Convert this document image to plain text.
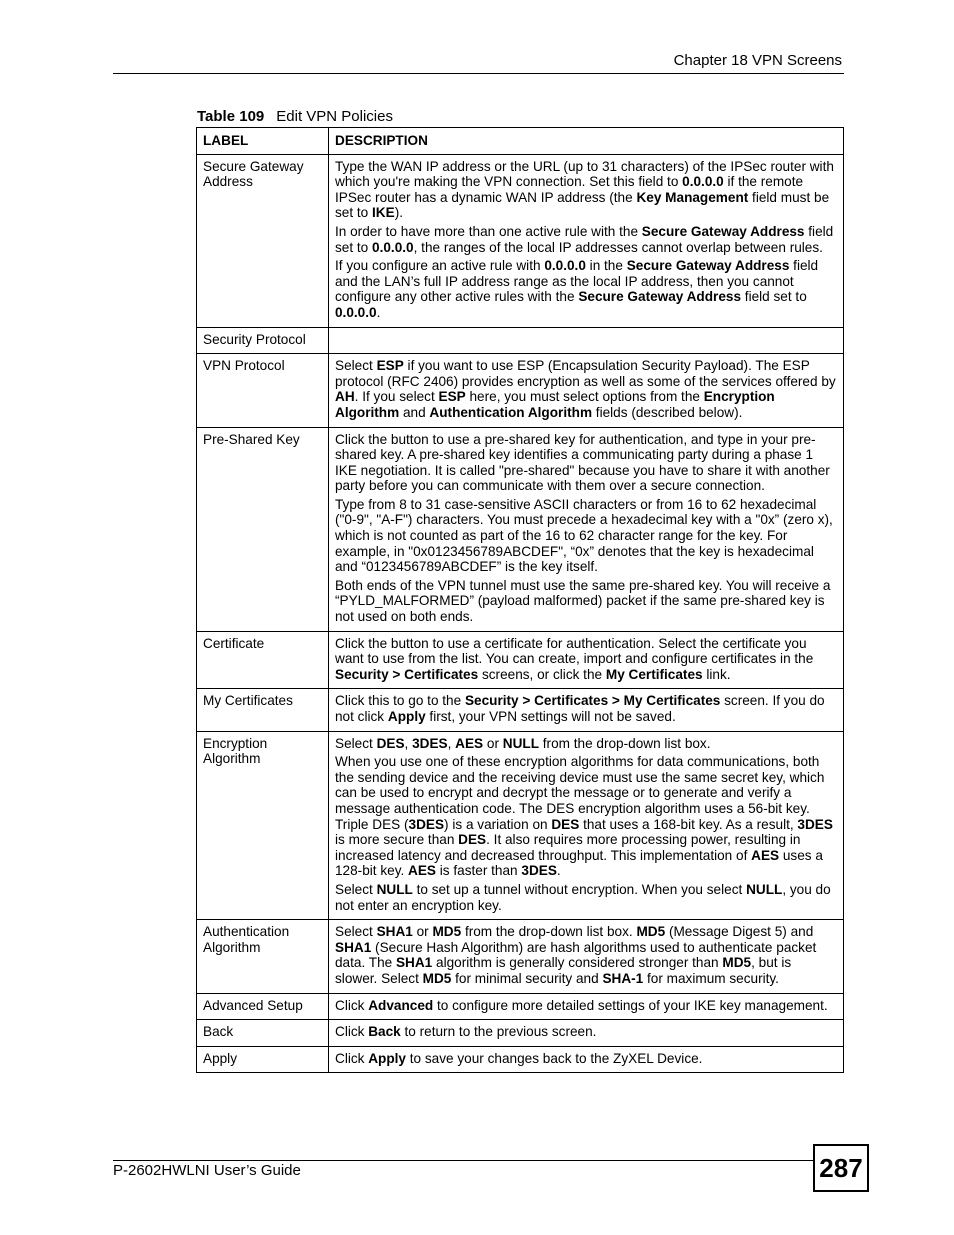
Chapter 18 VPN Screens
Table 109 Edit VPN Policies
LABEL	DESCRIPTION
Secure Gateway Address	Type the WAN IP address or the URL (up to 31 characters) of the IPSec router with which you're making the VPN connection. Set this field to 0.0.0.0 if the remote IPSec router has a dynamic WAN IP address (the Key Management field must be set to IKE).

In order to have more than one active rule with the Secure Gateway Address field set to 0.0.0.0, the ranges of the local IP addresses cannot overlap between rules.

If you configure an active rule with 0.0.0.0 in the Secure Gateway Address field and the LAN’s full IP address range as the local IP address, then you cannot configure any other active rules with the Secure Gateway Address field set to 0.0.0.0.

Security Protocol	
VPN Protocol	Select ESP if you want to use ESP (Encapsulation Security Payload). The ESP protocol (RFC 2406) provides encryption as well as some of the services offered by AH. If you select ESP here, you must select options from the Encryption Algorithm and Authentication Algorithm fields (described below).

Pre-Shared Key	Click the button to use a pre-shared key for authentication, and type in your pre-shared key. A pre-shared key identifies a communicating party during a phase 1 IKE negotiation. It is called "pre-shared" because you have to share it with another party before you can communicate with them over a secure connection.

Type from 8 to 31 case-sensitive ASCII characters or from 16 to 62 hexadecimal ("0-9", "A-F") characters. You must precede a hexadecimal key with a "0x” (zero x), which is not counted as part of the 16 to 62 character range for the key. For example, in "0x0123456789ABCDEF", “0x” denotes that the key is hexadecimal and “0123456789ABCDEF” is the key itself.

Both ends of the VPN tunnel must use the same pre-shared key. You will receive a “PYLD_MALFORMED” (payload malformed) packet if the same pre-shared key is not used on both ends.

Certificate	Click the button to use a certificate for authentication. Select the certificate you want to use from the list. You can create, import and configure certificates in the Security > Certificates screens, or click the My Certificates link.

My Certificates	Click this to go to the Security > Certificates > My Certificates screen. If you do not click Apply first, your VPN settings will not be saved.

Encryption Algorithm	Select DES, 3DES, AES or NULL from the drop-down list box.

When you use one of these encryption algorithms for data communications, both the sending device and the receiving device must use the same secret key, which can be used to encrypt and decrypt the message or to generate and verify a message authentication code. The DES encryption algorithm uses a 56-bit key. Triple DES (3DES) is a variation on DES that uses a 168-bit key. As a result, 3DES is more secure than DES. It also requires more processing power, resulting in increased latency and decreased throughput. This implementation of AES uses a 128-bit key. AES is faster than 3DES.

Select NULL to set up a tunnel without encryption. When you select NULL, you do not enter an encryption key.

Authentication Algorithm	Select SHA1 or MD5 from the drop-down list box. MD5 (Message Digest 5) and SHA1 (Secure Hash Algorithm) are hash algorithms used to authenticate packet data. The SHA1 algorithm is generally considered stronger than MD5, but is slower. Select MD5 for minimal security and SHA-1 for maximum security.

Advanced Setup	Click Advanced to configure more detailed settings of your IKE key management.

Back	Click Back to return to the previous screen.

Apply	Click Apply to save your changes back to the ZyXEL Device.

P-2602HWLNI User’s Guide	287
